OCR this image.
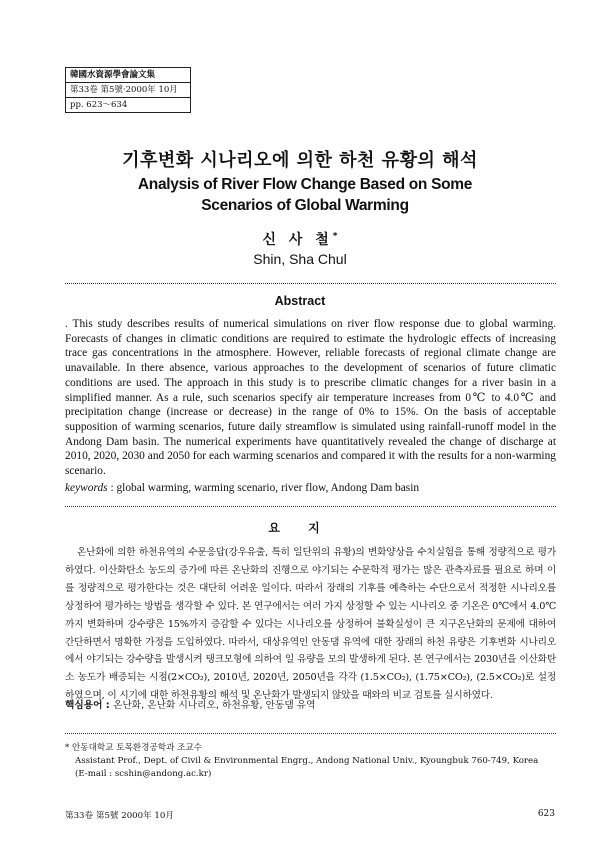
韓國水資源學會論文集
第33卷 第5號·2000年 10月
pp. 623～634
기후변화 시나리오에 의한 하천 유황의 해석
Analysis of River Flow Change Based on Some Scenarios of Global Warming
신 사 철*
Shin, Sha Chul
Abstract
. This study describes results of numerical simulations on river flow response due to global warming. Forecasts of changes in climatic conditions are required to estimate the hydrologic effects of increasing trace gas concentrations in the atmosphere. However, reliable forecasts of regional climate change are unavailable. In there absence, various approaches to the development of scenarios of future climatic conditions are used. The approach in this study is to prescribe climatic changes for a river basin in a simplified manner. As a rule, such scenarios specify air temperature increases from 0℃ to 4.0℃ and precipitation change (increase or decrease) in the range of 0% to 15%. On the basis of acceptable supposition of warming scenarios, future daily streamflow is simulated using rainfall-runoff model in the Andong Dam basin. The numerical experiments have quantitatively revealed the change of discharge at 2010, 2020, 2030 and 2050 for each warming scenarios and compared it with the results for a non-warming scenario.
keywords : global warming, warming scenario, river flow, Andong Dam basin
요 지
온난화에 의한 하천유역의 수문응답(강우유출, 특히 일단위의 유황)의 변화양상을 수치실험을 통해 정량적으로 평가하였다. 이산화탄소 농도의 증가에 따른 온난화의 진행으로 야기되는 수문학적 평가는 많은 관측자료를 필요로 하며 이를 정량적으로 평가한다는 것은 대단히 어려운 일이다. 따라서 장래의 기후를 예측하는 수단으로서 적정한 시나리오를 상정하여 평가하는 방법을 생각할 수 있다. 본 연구에서는 여러 가지 상정할 수 있는 시나리오 중 기온은 0℃에서 4.0℃까지 변화하며 강수량은 15%까지 증감할 수 있다는 시나리오를 상정하여 불확실성이 큰 지구온난화의 문제에 대하여 간단하면서 명확한 가정을 도입하였다. 따라서, 대상유역인 안동댐 유역에 대한 장래의 하천 유량은 기후변화 시나리오에서 야기되는 강수량을 발생시켜 탱크모형에 의하여 일 유량을 모의 발생하게 된다. 본 연구에서는 2030년을 이산화탄소 농도가 배증되는 시점(2×CO₂), 2010년, 2020년, 2050년을 각각 (1.5×CO₂), (1.75×CO₂), (2.5×CO₂)로 설정하였으며, 이 시기에 대한 하천유황의 해석 및 온난화가 발생되지 않았을 때와의 비교 검토를 실시하였다.
핵심용어 : 온난화, 온난화 시나리오, 하천유황, 안동댐 유역
* 안동대학교 토목환경공학과 조교수
Assistant Prof., Dept. of Civil & Environmental Engrg., Andong National Univ., Kyoungbuk 760-749, Korea
(E-mail : scshin@andong.ac.kr)
第33卷 第5號 2000年 10月	623
